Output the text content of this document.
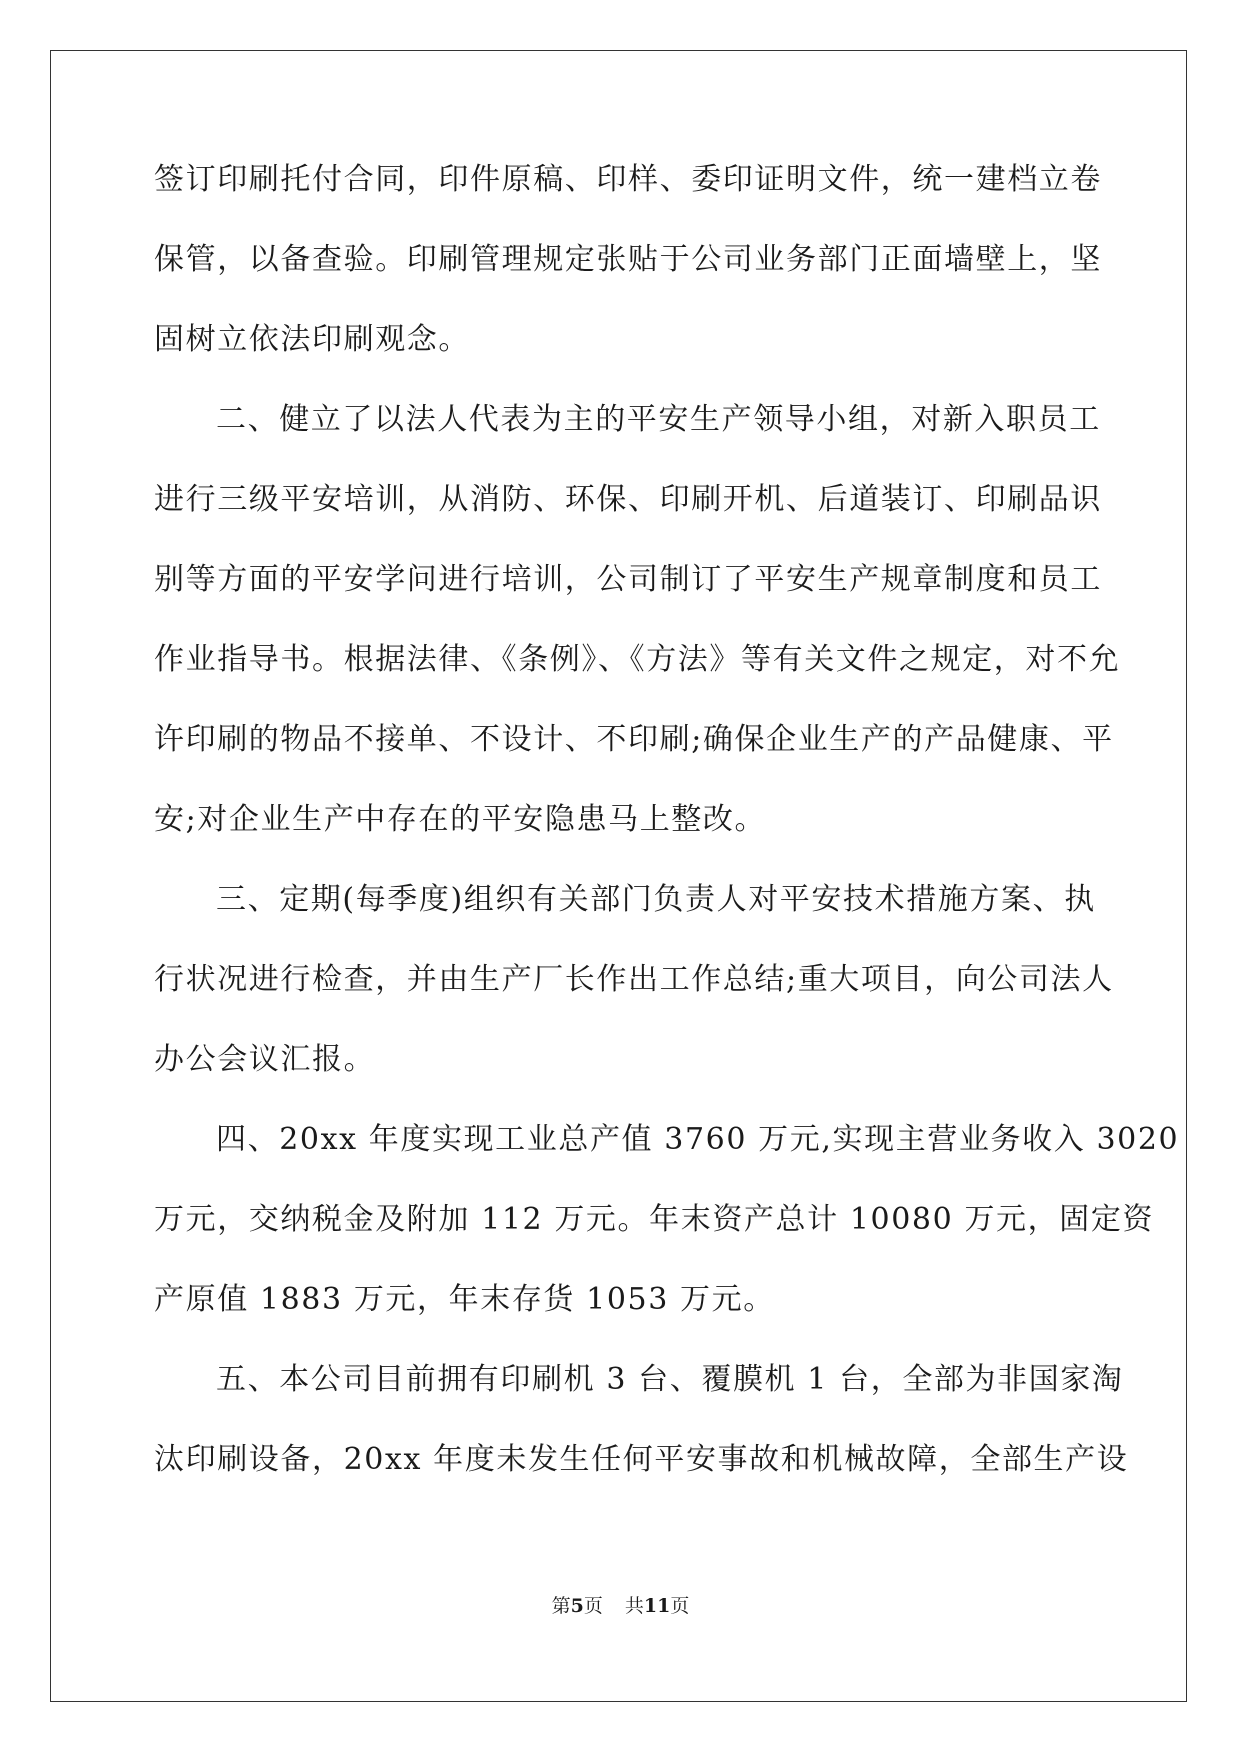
签订印刷托付合同，印件原稿、印样、委印证明文件，统一建档立卷
保管，以备查验。印刷管理规定张贴于公司业务部门正面墙壁上，坚
固树立依法印刷观念。
二、健立了以法人代表为主的平安生产领导小组，对新入职员工
进行三级平安培训，从消防、环保、印刷开机、后道装订、印刷品识
别等方面的平安学问进行培训，公司制订了平安生产规章制度和员工
作业指导书。根据法律、《条例》、《方法》等有关文件之规定，对不允
许印刷的物品不接单、不设计、不印刷;确保企业生产的产品健康、平
安;对企业生产中存在的平安隐患马上整改。
三、定期(每季度)组织有关部门负责人对平安技术措施方案、执
行状况进行检查，并由生产厂长作出工作总结;重大项目，向公司法人
办公会议汇报。
四、20xx 年度实现工业总产值 3760 万元,实现主营业务收入 3020
万元，交纳税金及附加 112 万元。年末资产总计 10080 万元，固定资
产原值 1883 万元，年末存货 1053 万元。
五、本公司目前拥有印刷机 3 台、覆膜机 1 台，全部为非国家淘
汰印刷设备，20xx 年度未发生任何平安事故和机械故障，全部生产设
第5页 共11页
